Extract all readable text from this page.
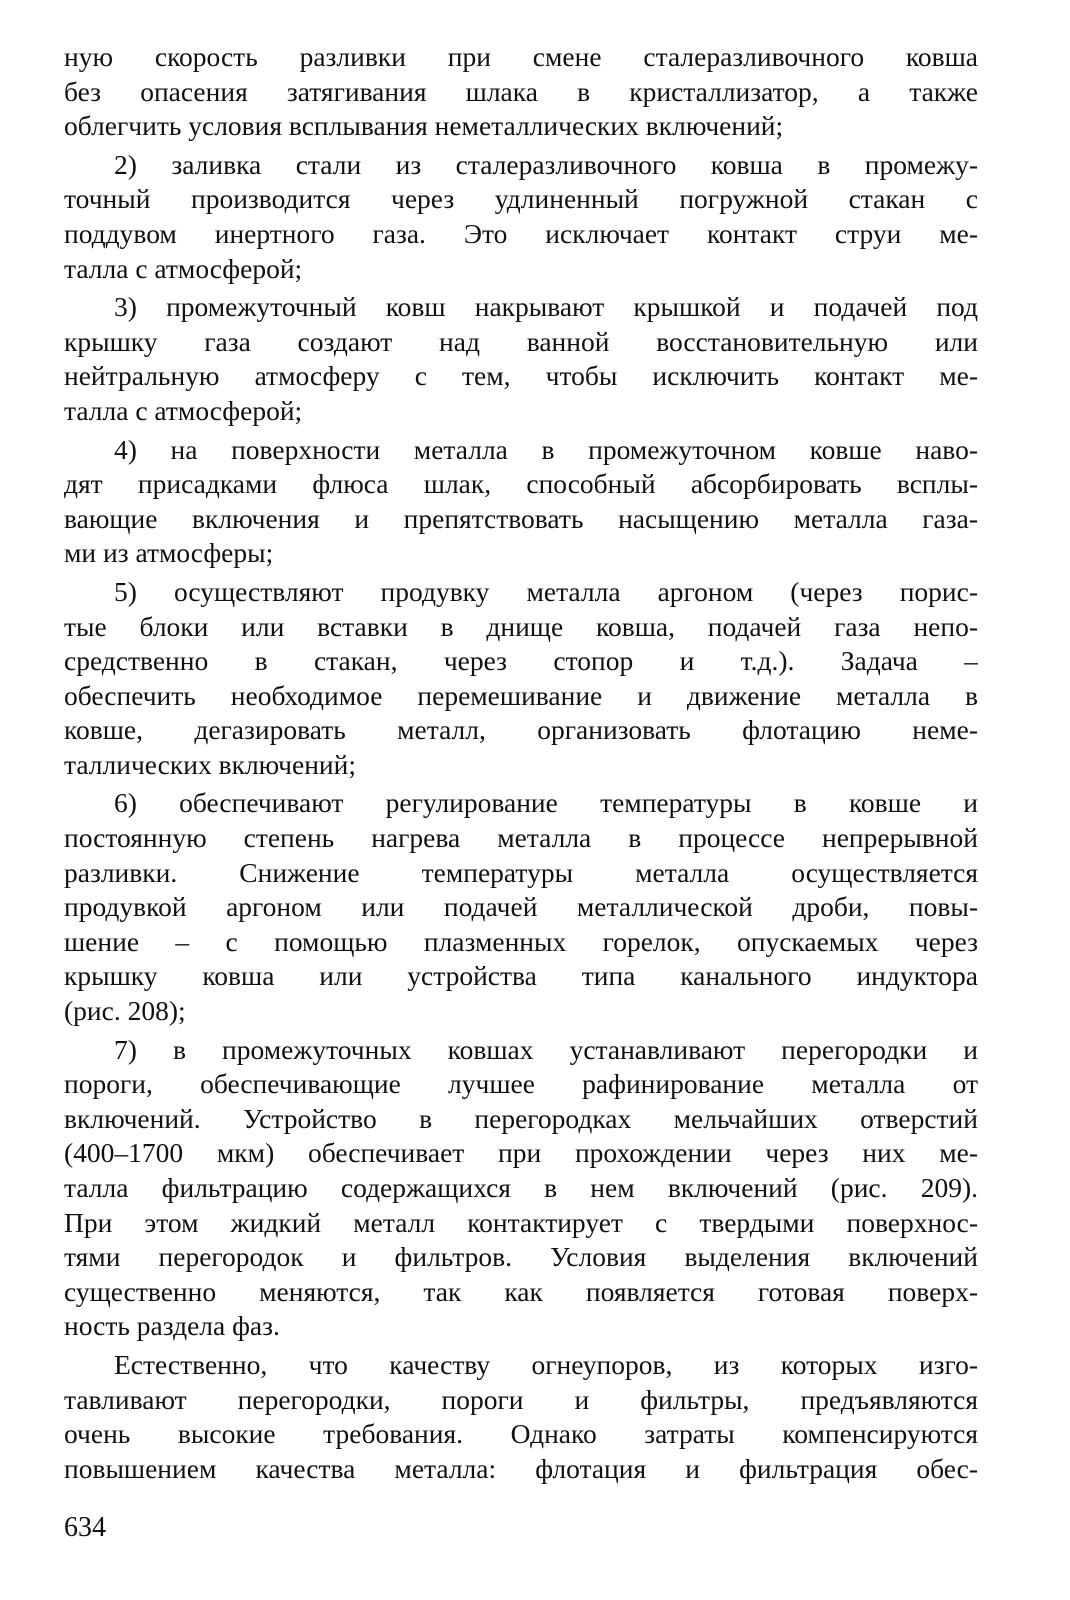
ную скорость разливки при смене сталеразливочного ковша
без опасения затягивания шлака в кристаллизатор, а также
облегчить условия всплывания неметаллических включений;
2) заливка стали из сталеразливочного ковша в промежу-
точный производится через удлиненный погружной стакан с
поддувом инертного газа. Это исключает контакт струи ме-
талла с атмосферой;
3) промежуточный ковш накрывают крышкой и подачей под
крышку газа создают над ванной восстановительную или
нейтральную атмосферу с тем, чтобы исключить контакт ме-
талла с атмосферой;
4) на поверхности металла в промежуточном ковше наво-
дят присадками флюса шлак, способный абсорбировать всплы-
вающие включения и препятствовать насыщению металла газа-
ми из атмосферы;
5) осуществляют продувку металла аргоном (через порис-
тые блоки или вставки в днище ковша, подачей газа непо-
средственно в стакан, через стопор и т.д.). Задача –
обеспечить необходимое перемешивание и движение металла в
ковше, дегазировать металл, организовать флотацию неме-
таллических включений;
6) обеспечивают регулирование температуры в ковше и
постоянную степень нагрева металла в процессе непрерывной
разливки. Снижение температуры металла осуществляется
продувкой аргоном или подачей металлической дроби, повы-
шение – с помощью плазменных горелок, опускаемых через
крышку ковша или устройства типа канального индуктора
(рис. 208);
7) в промежуточных ковшах устанавливают перегородки и
пороги, обеспечивающие лучшее рафинирование металла от
включений. Устройство в перегородках мельчайших отверстий
(400–1700 мкм) обеспечивает при прохождении через них ме-
талла фильтрацию содержащихся в нем включений (рис. 209).
При этом жидкий металл контактирует с твердыми поверхнос-
тями перегородок и фильтров. Условия выделения включений
существенно меняются, так как появляется готовая поверх-
ность раздела фаз.
Естественно, что качеству огнеупоров, из которых изго-
тавливают перегородки, пороги и фильтры, предъявляются
очень высокие требования. Однако затраты компенсируются
повышением качества металла: флотация и фильтрация обес-
634
